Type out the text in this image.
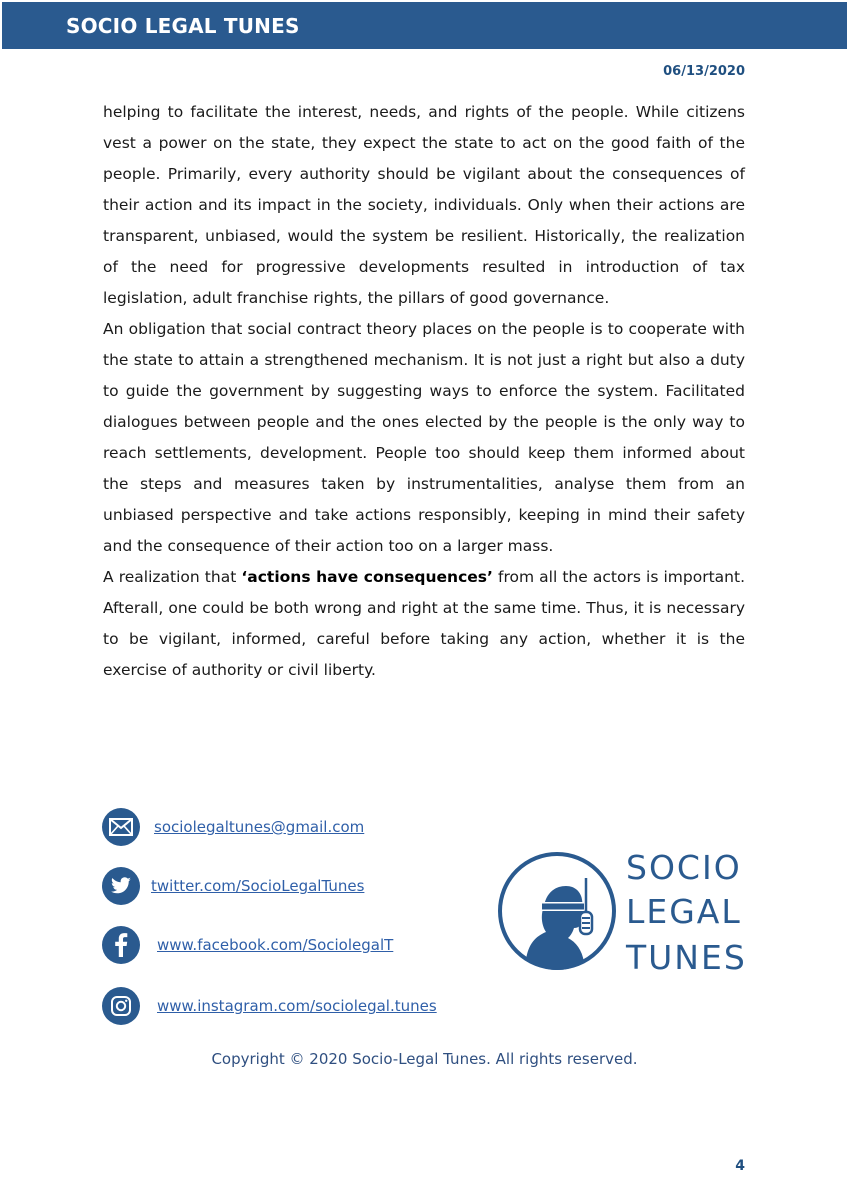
SOCIO LEGAL TUNES
06/13/2020

helping to facilitate the interest, needs, and rights of the people. While citizens vest a power on the state, they expect the state to act on the good faith of the people. Primarily, every authority should be vigilant about the consequences of their action and its impact in the society, individuals. Only when their actions are transparent, unbiased, would the system be resilient. Historically, the realization of the need for progressive developments resulted in introduction of tax legislation, adult franchise rights, the pillars of good governance.

An obligation that social contract theory places on the people is to cooperate with the state to attain a strengthened mechanism. It is not just a right but also a duty to guide the government by suggesting ways to enforce the system. Facilitated dialogues between people and the ones elected by the people is the only way to reach settlements, development. People too should keep them informed about the steps and measures taken by instrumentalities, analyse them from an unbiased perspective and take actions responsibly, keeping in mind their safety and the consequence of their action too on a larger mass.

A realization that ‘actions have consequences’ from all the actors is important. Afterall, one could be both wrong and right at the same time. Thus, it is necessary to be vigilant, informed, careful before taking any action, whether it is the exercise of authority or civil liberty.

sociolegaltunes@gmail.com
twitter.com/SocioLegalTunes
www.facebook.com/SociolegalT
www.instagram.com/sociolegal.tunes
SOCIO
LEGAL
TUNES
Copyright © 2020 Socio-Legal Tunes. All rights reserved.
4
